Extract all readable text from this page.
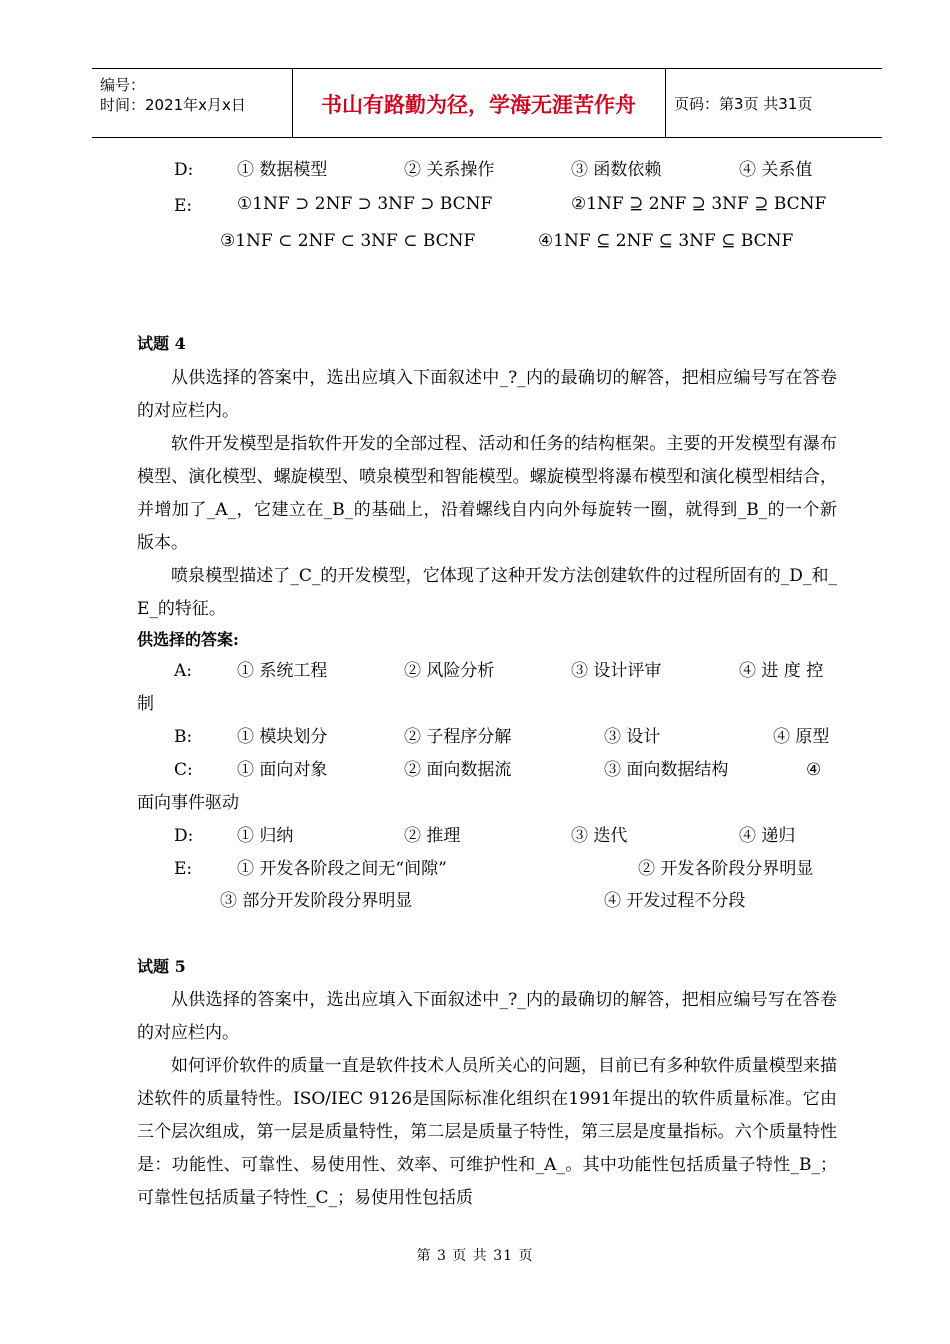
编号：
时间：2021年x月x日	书山有路勤为径，学海无涯苦作舟	页码：第3页 共31页
D:	① 数据模型	② 关系操作	③ 函数依赖	④ 关系值
E:	①1NF ⊃ 2NF ⊃ 3NF ⊃ BCNF	②1NF ⊇ 2NF ⊇ 3NF ⊇ BCNF
③1NF ⊂ 2NF ⊂ 3NF ⊂ BCNF	④1NF ⊆ 2NF ⊆ 3NF ⊆ BCNF
试题 4
从供选择的答案中，选出应填入下面叙述中_?_内的最确切的解答，把相应编号写在答卷的对应栏内。
软件开发模型是指软件开发的全部过程、活动和任务的结构框架。主要的开发模型有瀑布模型、演化模型、螺旋模型、喷泉模型和智能模型。螺旋模型将瀑布模型和演化模型相结合，并增加了_A_，它建立在_B_的基础上，沿着螺线自内向外每旋转一圈，就得到_B_的一个新版本。
喷泉模型描述了_C_的开发模型，它体现了这种开发方法创建软件的过程所固有的_D_和_E_的特征。
供选择的答案:
A:	① 系统工程	② 风险分析	③ 设计评审	④ 进 度 控
制
B:	① 模块划分	② 子程序分解	③ 设计	④ 原型
C:	① 面向对象	② 面向数据流	③ 面向数据结构	④
面向事件驱动
D:	① 归纳	② 推理	③ 迭代	④ 递归
E:	① 开发各阶段之间无“间隙”	② 开发各阶段分界明显
③ 部分开发阶段分界明显	④ 开发过程不分段
试题 5
从供选择的答案中，选出应填入下面叙述中_?_内的最确切的解答，把相应编号写在答卷的对应栏内。
如何评价软件的质量一直是软件技术人员所关心的问题，目前已有多种软件质量模型来描述软件的质量特性。ISO/IEC 9126是国际标准化组织在1991年提出的软件质量标准。它由三个层次组成，第一层是质量特性，第二层是质量子特性，第三层是度量指标。六个质量特性是：功能性、可靠性、易使用性、效率、可维护性和_A_。其中功能性包括质量子特性_B_；可靠性包括质量子特性_C_；易使用性包括质
第 3 页 共 31 页
